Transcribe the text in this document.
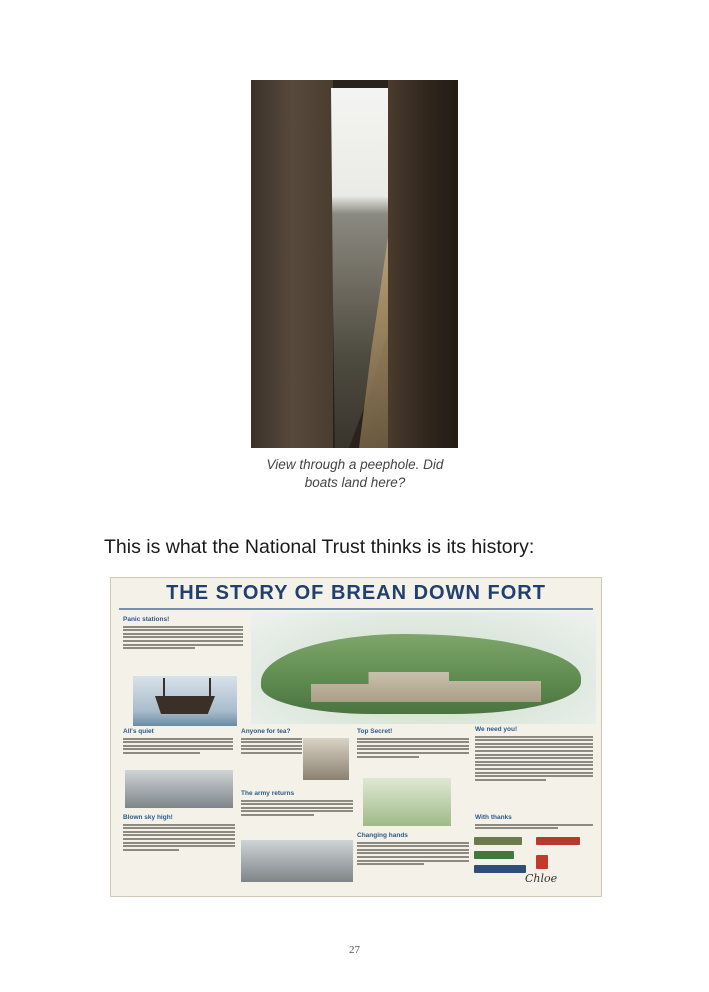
View through a peephole. Did
boats land here?
This is what the National Trust thinks is its history:
THE STORY OF BREAN DOWN FORT
Panic stations!
All's quiet
Blown sky high!
Anyone for tea?
The army returns
Top Secret!
Changing hands
We need you!
With thanks
Chloe
27
